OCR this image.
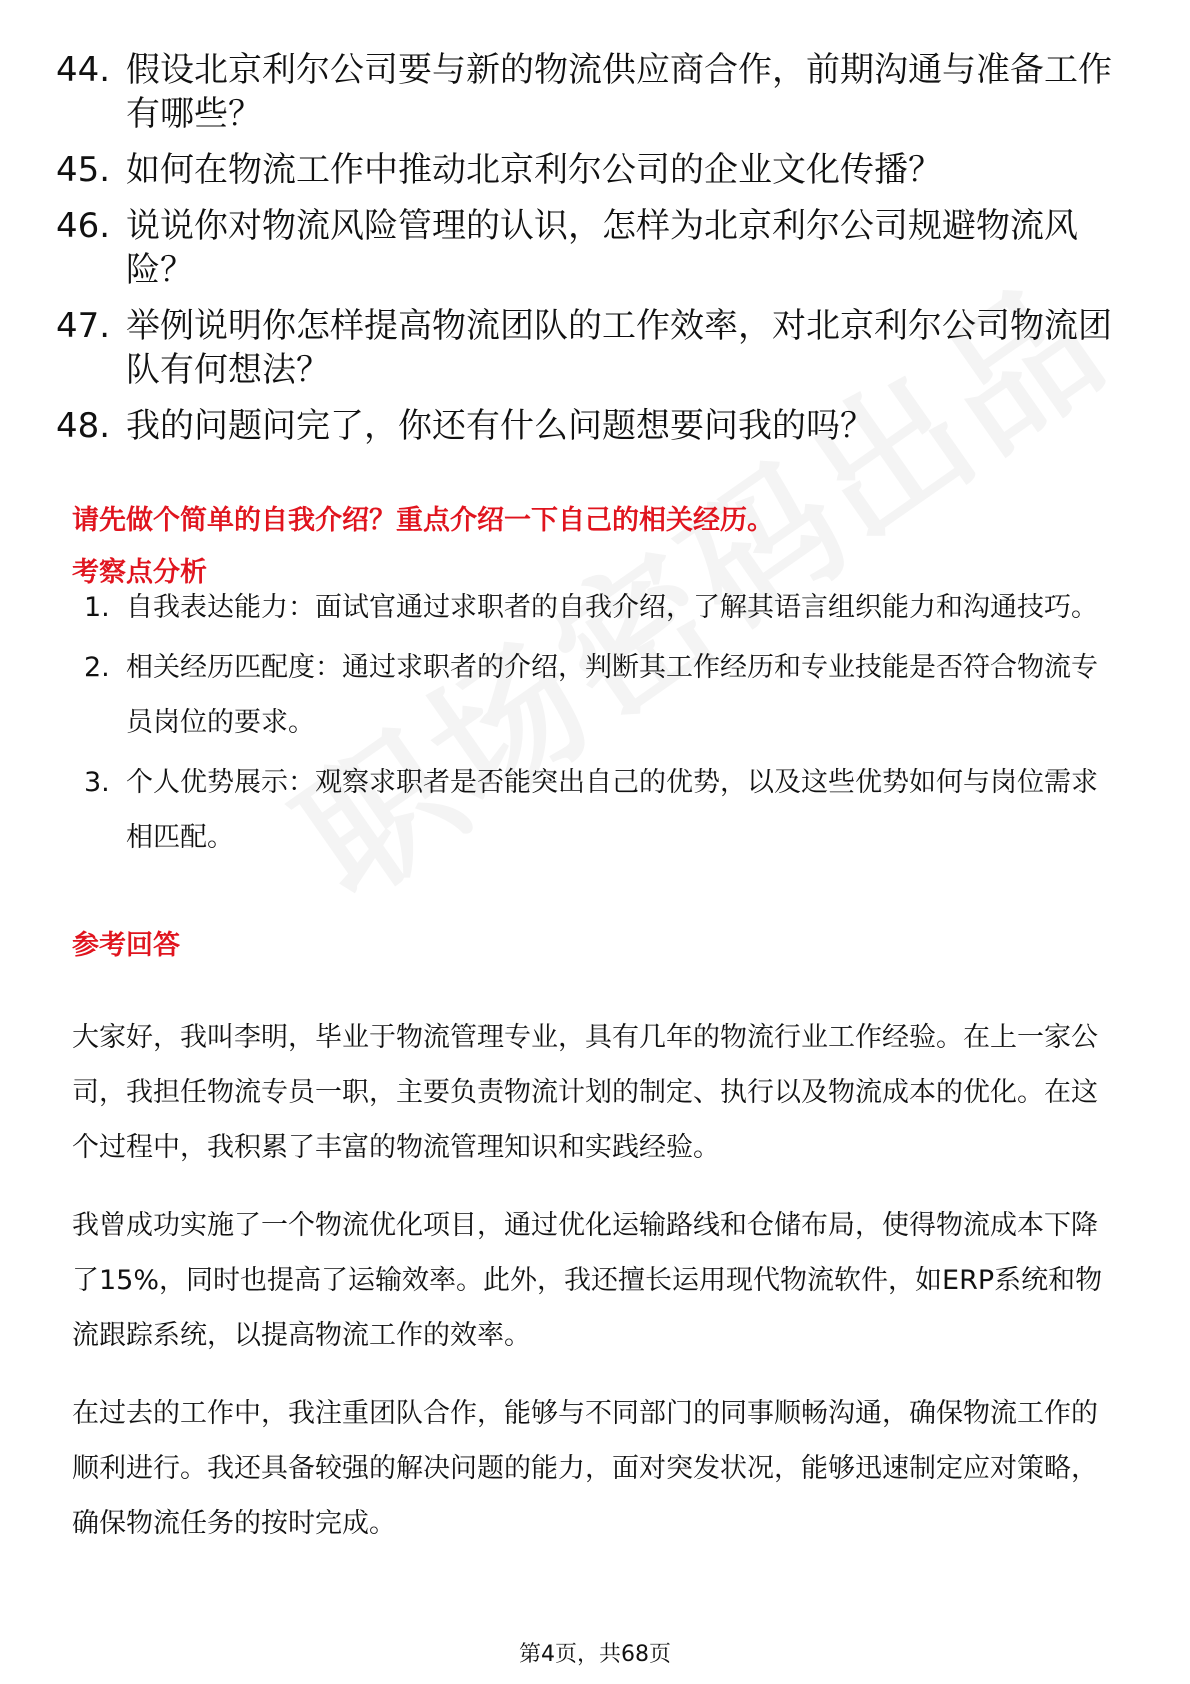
44. 假设北京利尔公司要与新的物流供应商合作，前期沟通与准备工作有哪些？
45. 如何在物流工作中推动北京利尔公司的企业文化传播？
46. 说说你对物流风险管理的认识，怎样为北京利尔公司规避物流风险？
47. 举例说明你怎样提高物流团队的工作效率，对北京利尔公司物流团队有何想法？
48. 我的问题问完了，你还有什么问题想要问我的吗？
请先做个简单的自我介绍？重点介绍一下自己的相关经历。
考察点分析
1. 自我表达能力：面试官通过求职者的自我介绍，了解其语言组织能力和沟通技巧。
2. 相关经历匹配度：通过求职者的介绍，判断其工作经历和专业技能是否符合物流专员岗位的要求。
3. 个人优势展示：观察求职者是否能突出自己的优势，以及这些优势如何与岗位需求相匹配。
参考回答
大家好，我叫李明，毕业于物流管理专业，具有几年的物流行业工作经验。在上一家公司，我担任物流专员一职，主要负责物流计划的制定、执行以及物流成本的优化。在这个过程中，我积累了丰富的物流管理知识和实践经验。
我曾成功实施了一个物流优化项目，通过优化运输路线和仓储布局，使得物流成本下降了15%，同时也提高了运输效率。此外，我还擅长运用现代物流软件，如ERP系统和物流跟踪系统，以提高物流工作的效率。
在过去的工作中，我注重团队合作，能够与不同部门的同事顺畅沟通，确保物流工作的顺利进行。我还具备较强的解决问题的能力，面对突发状况，能够迅速制定应对策略，确保物流任务的按时完成。
第4页，共68页
